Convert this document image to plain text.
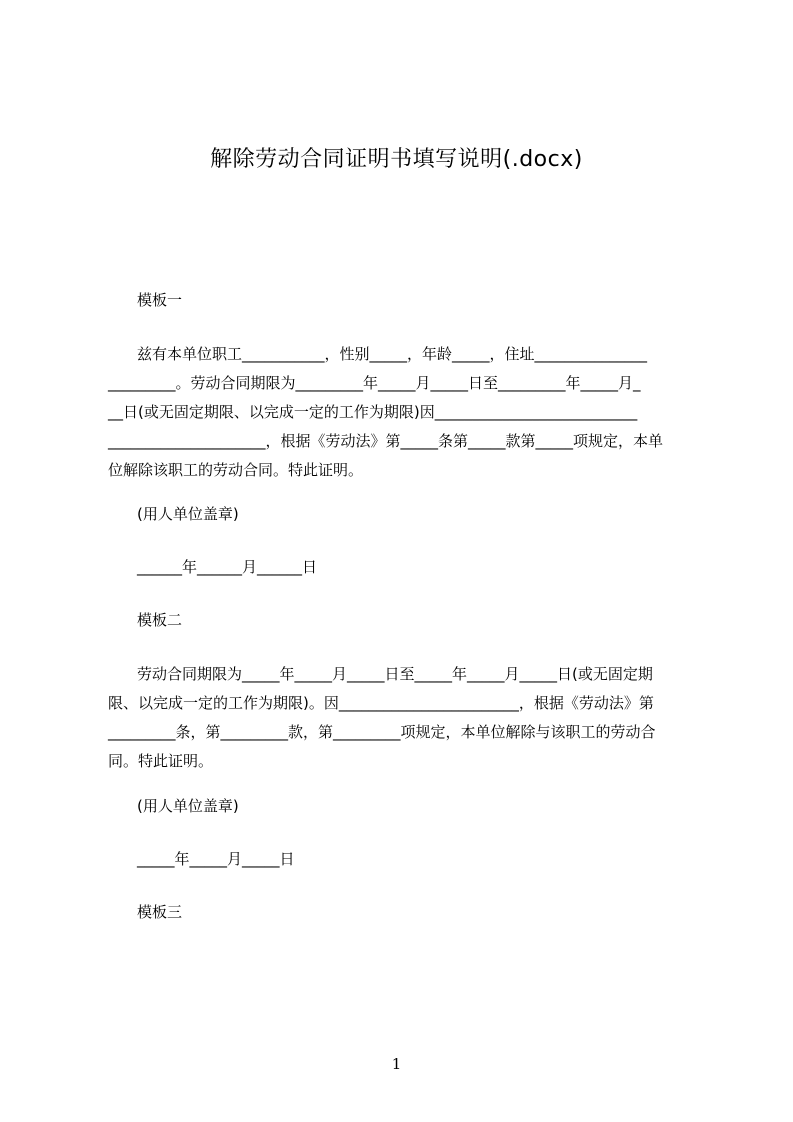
解除劳动合同证明书填写说明(.docx)
模板一
兹有本单位职工___________，性别_____，年龄_____，住址_______________
_________。劳动合同期限为_________年_____月_____日至_________年_____月_
__日(或无固定期限、以完成一定的工作为期限)因___________________________
_____________________，根据《劳动法》第_____条第_____款第_____项规定，本单
位解除该职工的劳动合同。特此证明。
(用人单位盖章)
______年______月______日
模板二
劳动合同期限为_____年_____月_____日至_____年_____月_____日(或无固定期
限、以完成一定的工作为期限)。因________________________，根据《劳动法》第
_________条，第_________款，第_________项规定，本单位解除与该职工的劳动合
同。特此证明。
(用人单位盖章)
_____年_____月_____日
模板三
1
